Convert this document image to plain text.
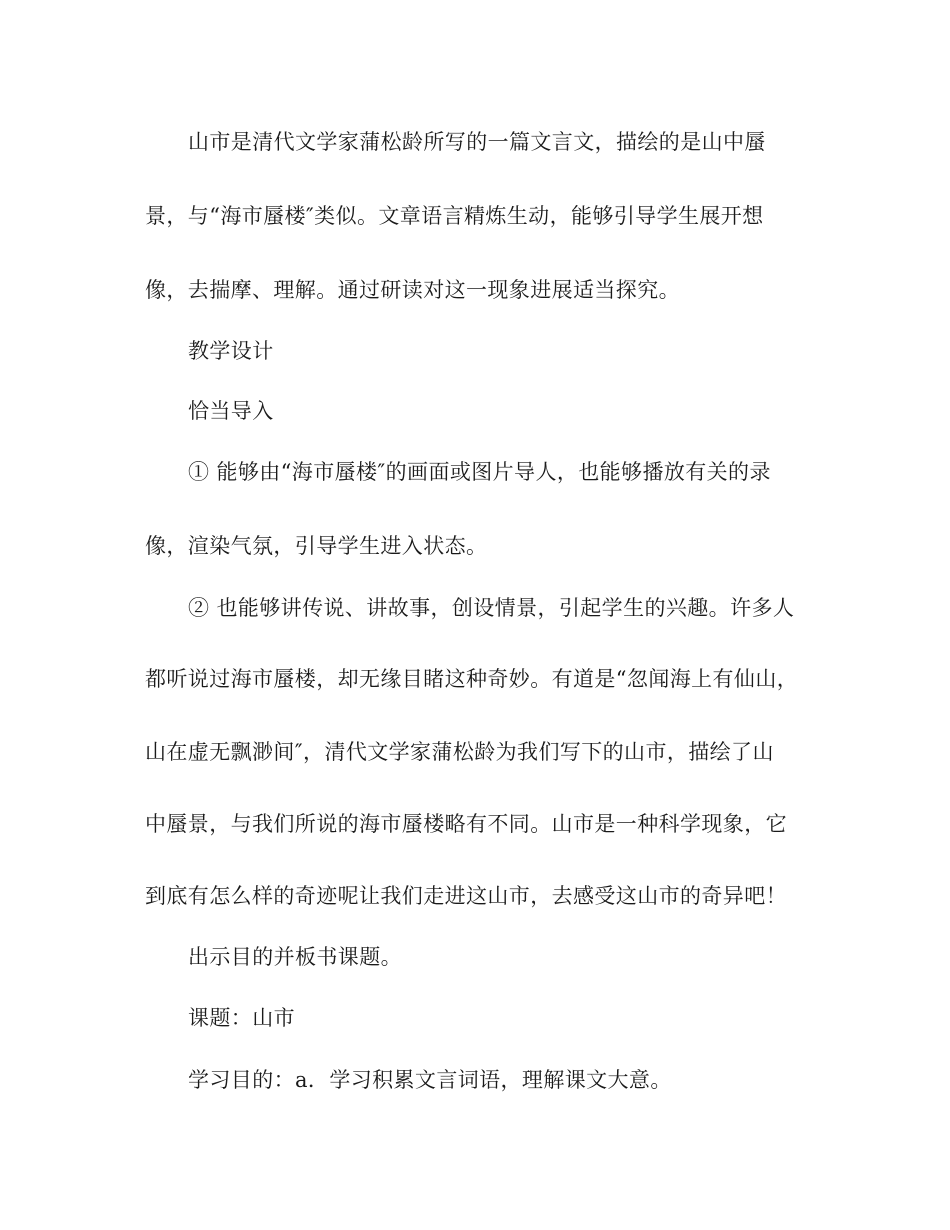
山市是清代文学家蒲松龄所写的一篇文言文，描绘的是山中蜃
景，与“海市蜃楼″类似。文章语言精炼生动，能够引导学生展开想
像，去揣摩、理解。通过研读对这一现象进展适当探究。
教学设计
恰当导入
① 能够由“海市蜃楼″的画面或图片导人，也能够播放有关的录
像，渲染气氛，引导学生进入状态。
② 也能够讲传说、讲故事，创设情景，引起学生的兴趣。许多人
都听说过海市蜃楼，却无缘目睹这种奇妙。有道是“忽闻海上有仙山，
山在虚无飘渺间″，清代文学家蒲松龄为我们写下的山市，描绘了山
中蜃景，与我们所说的海市蜃楼略有不同。山市是一种科学现象，它
到底有怎么样的奇迹呢让我们走进这山市，去感受这山市的奇异吧！
出示目的并板书课题。
课题：山市
学习目的：a．学习积累文言词语，理解课文大意。
